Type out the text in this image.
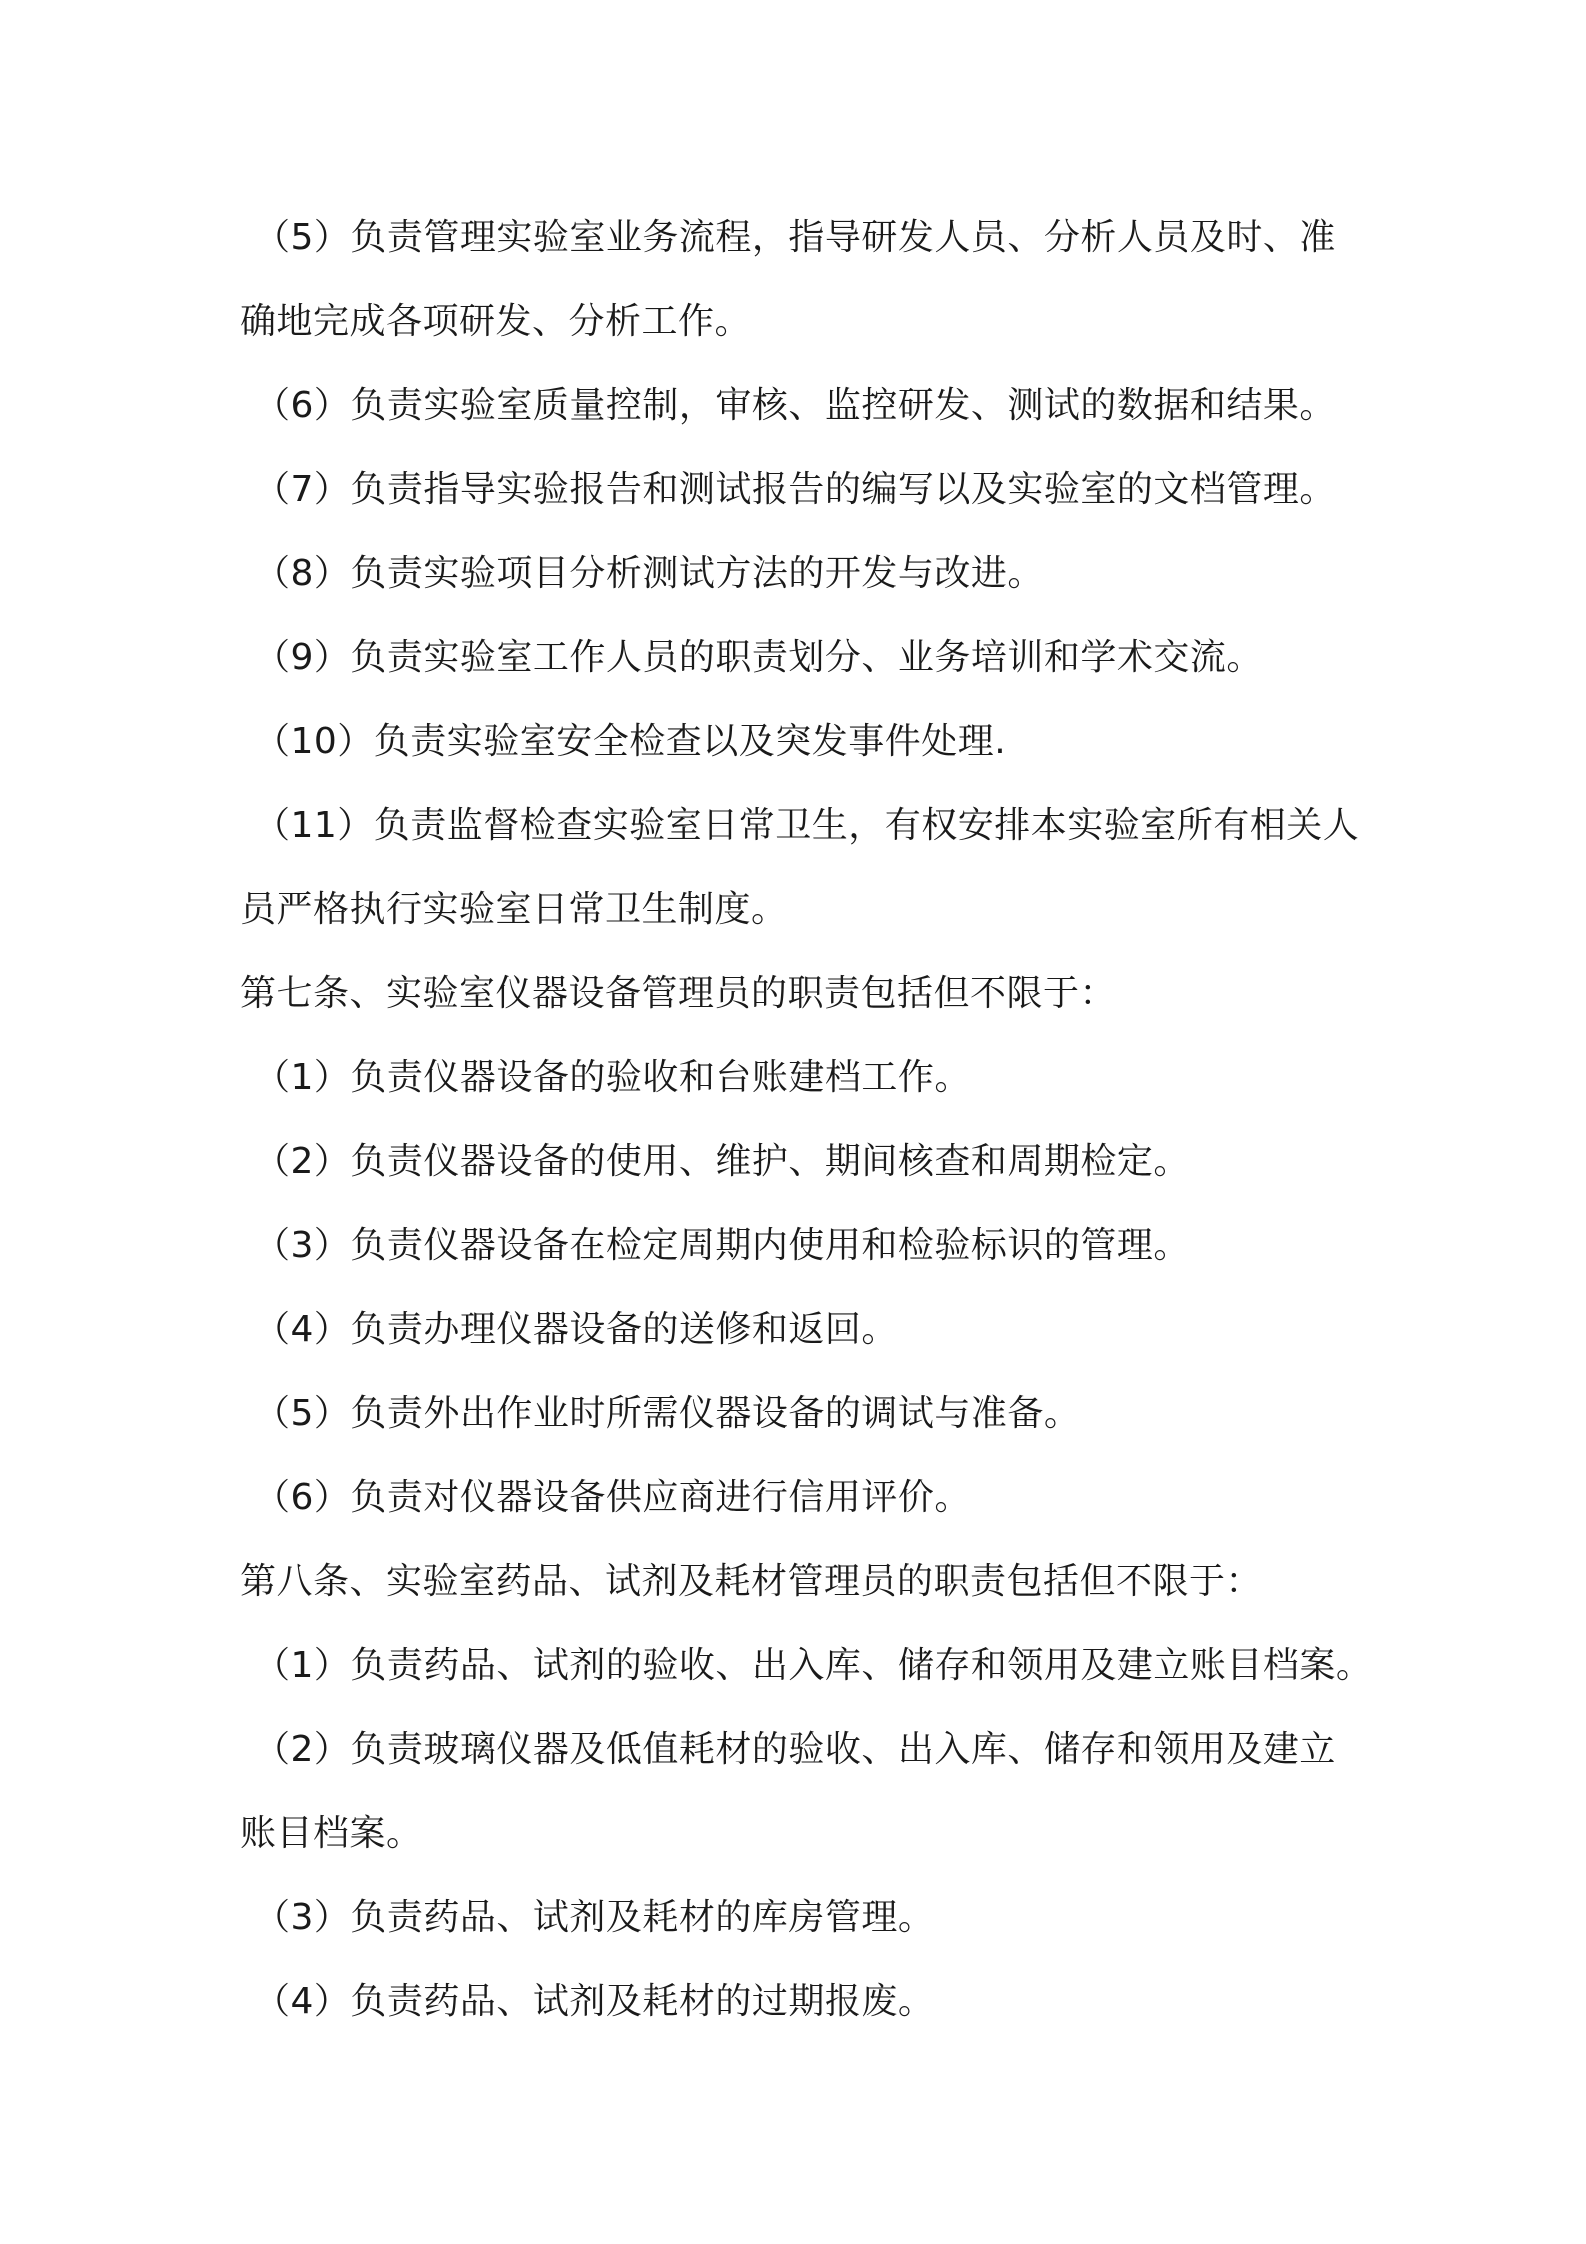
（5）负责管理实验室业务流程，指导研发人员、分析人员及时、准
确地完成各项研发、分析工作。
（6）负责实验室质量控制，审核、监控研发、测试的数据和结果。
（7）负责指导实验报告和测试报告的编写以及实验室的文档管理。
（8）负责实验项目分析测试方法的开发与改进。
（9）负责实验室工作人员的职责划分、业务培训和学术交流。
（10）负责实验室安全检查以及突发事件处理.
（11）负责监督检查实验室日常卫生，有权安排本实验室所有相关人
员严格执行实验室日常卫生制度。
第七条、实验室仪器设备管理员的职责包括但不限于：
（1）负责仪器设备的验收和台账建档工作。
（2）负责仪器设备的使用、维护、期间核查和周期检定。
（3）负责仪器设备在检定周期内使用和检验标识的管理。
（4）负责办理仪器设备的送修和返回。
（5）负责外出作业时所需仪器设备的调试与准备。
（6）负责对仪器设备供应商进行信用评价。
第八条、实验室药品、试剂及耗材管理员的职责包括但不限于：
（1）负责药品、试剂的验收、出入库、储存和领用及建立账目档案。
（2）负责玻璃仪器及低值耗材的验收、出入库、储存和领用及建立
账目档案。
（3）负责药品、试剂及耗材的库房管理。
（4）负责药品、试剂及耗材的过期报废。
